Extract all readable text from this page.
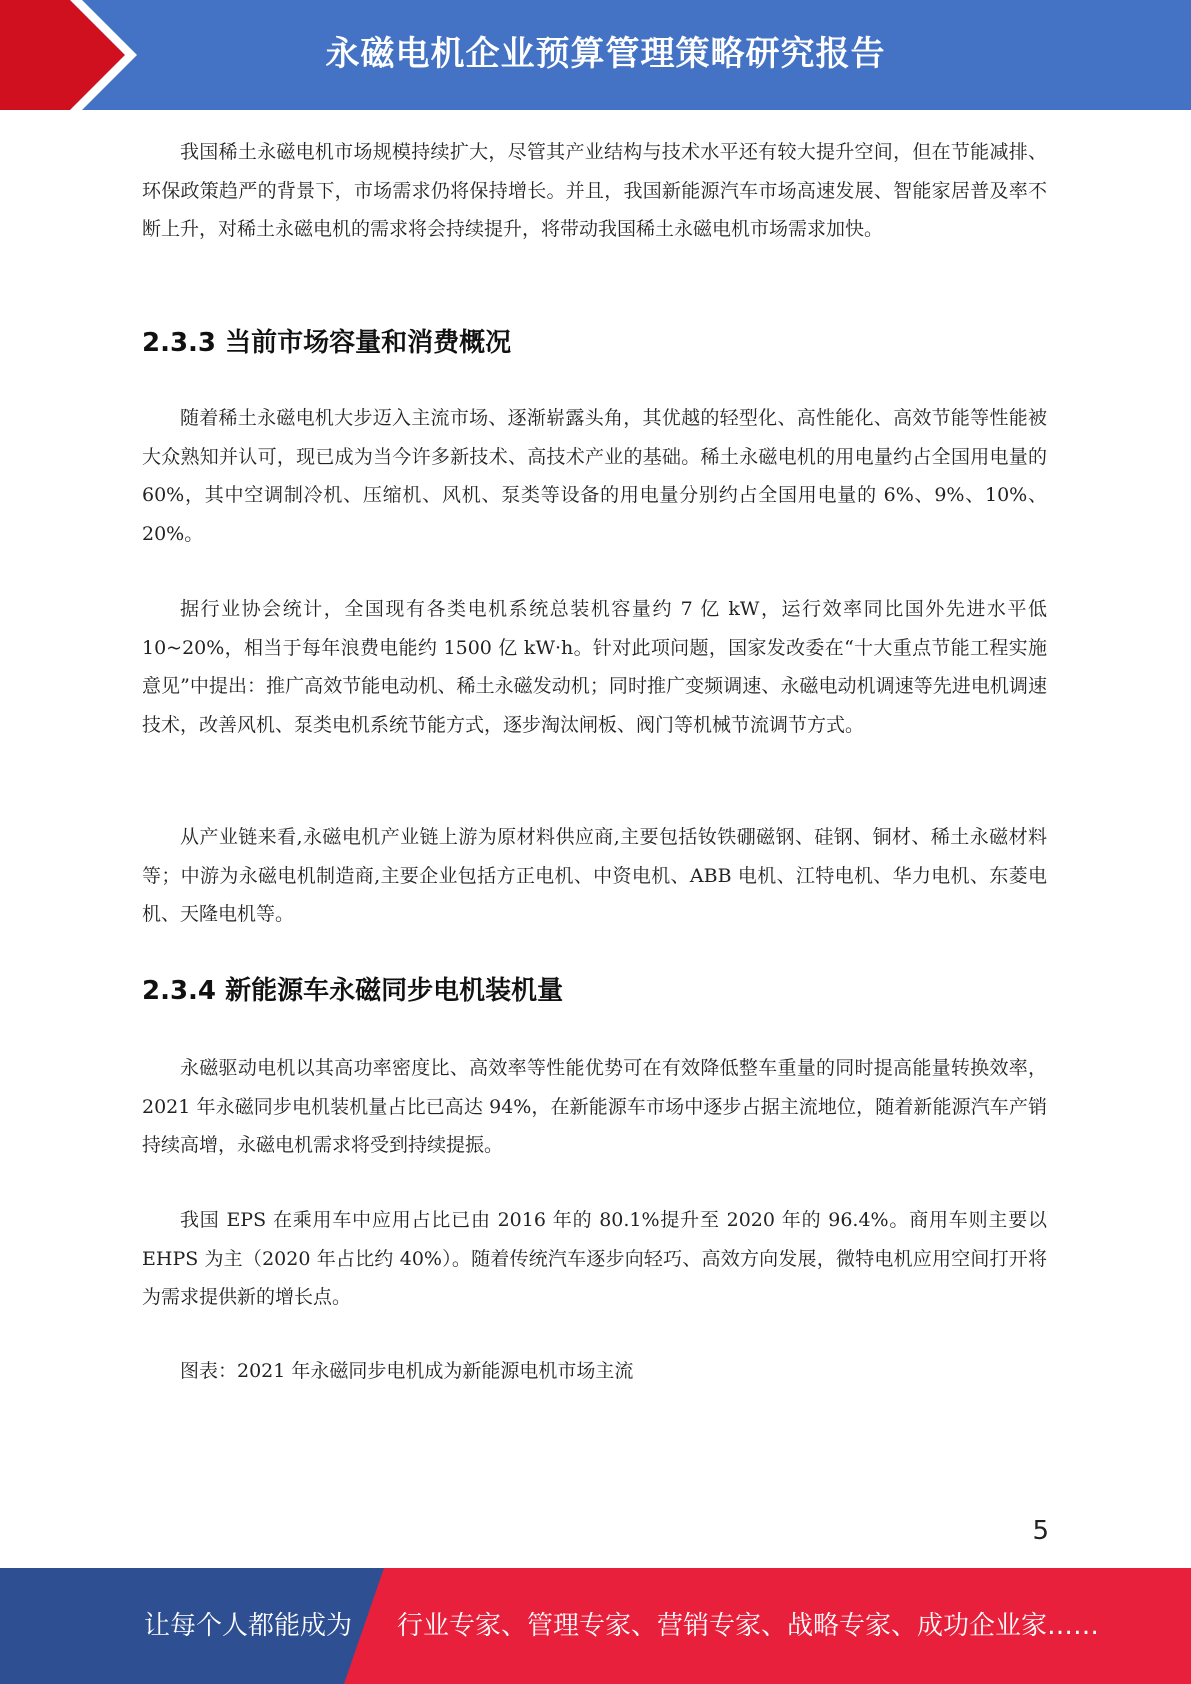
永磁电机企业预算管理策略研究报告

我国稀土永磁电机市场规模持续扩大，尽管其产业结构与技术水平还有较大提升空间，但在节能减排、环保政策趋严的背景下，市场需求仍将保持增长。并且，我国新能源汽车市场高速发展、智能家居普及率不断上升，对稀土永磁电机的需求将会持续提升，将带动我国稀土永磁电机市场需求加快。

2.3.3 当前市场容量和消费概况

随着稀土永磁电机大步迈入主流市场、逐渐崭露头角，其优越的轻型化、高性能化、高效节能等性能被大众熟知并认可，现已成为当今许多新技术、高技术产业的基础。稀土永磁电机的用电量约占全国用电量的 60%，其中空调制冷机、压缩机、风机、泵类等设备的用电量分别约占全国用电量的 6%、9%、10%、20%。

据行业协会统计，全国现有各类电机系统总装机容量约 7 亿 kW，运行效率同比国外先进水平低 10~20%，相当于每年浪费电能约 1500 亿 kW·h。针对此项问题，国家发改委在“十大重点节能工程实施意见”中提出：推广高效节能电动机、稀土永磁发动机；同时推广变频调速、永磁电动机调速等先进电机调速技术，改善风机、泵类电机系统节能方式，逐步淘汰闸板、阀门等机械节流调节方式。

从产业链来看,永磁电机产业链上游为原材料供应商,主要包括钕铁硼磁钢、硅钢、铜材、稀土永磁材料等；中游为永磁电机制造商,主要企业包括方正电机、中资电机、ABB 电机、江特电机、华力电机、东菱电机、天隆电机等。

2.3.4 新能源车永磁同步电机装机量

永磁驱动电机以其高功率密度比、高效率等性能优势可在有效降低整车重量的同时提高能量转换效率，2021 年永磁同步电机装机量占比已高达 94%，在新能源车市场中逐步占据主流地位，随着新能源汽车产销持续高增，永磁电机需求将受到持续提振。

我国 EPS 在乘用车中应用占比已由 2016 年的 80.1%提升至 2020 年的 96.4%。商用车则主要以 EHPS 为主（2020 年占比约 40%）。随着传统汽车逐步向轻巧、高效方向发展，微特电机应用空间打开将为需求提供新的增长点。

图表：2021 年永磁同步电机成为新能源电机市场主流

5
让每个人都能成为 行业专家、管理专家、营销专家、战略专家、成功企业家……
